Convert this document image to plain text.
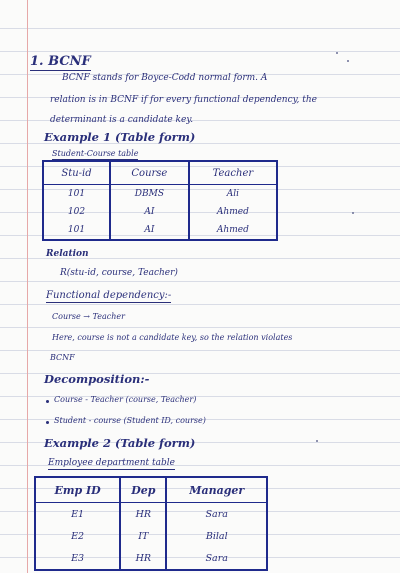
1. BCNF
BCNF stands for Boyce-Codd normal form. A
relation is in BCNF if for every functional dependency, the
determinant is a candidate key.
Example 1 (Table form)
Student-Course table
Stu-id	Course	Teacher
101	DBMS	Ali
102	AI	Ahmed
101	AI	Ahmed
Relation
R(stu-id, course, Teacher)
Functional dependency:-
Course → Teacher
Here, course is not a candidate key, so the relation violates
BCNF
Decomposition:-
Course - Teacher (course, Teacher)
Student - course (Student ID, course)
Example 2 (Table form)
Employee department table
Emp ID	Dep	Manager
E1	HR	Sara
E2	IT	Bilal
E3	HR	Sara
